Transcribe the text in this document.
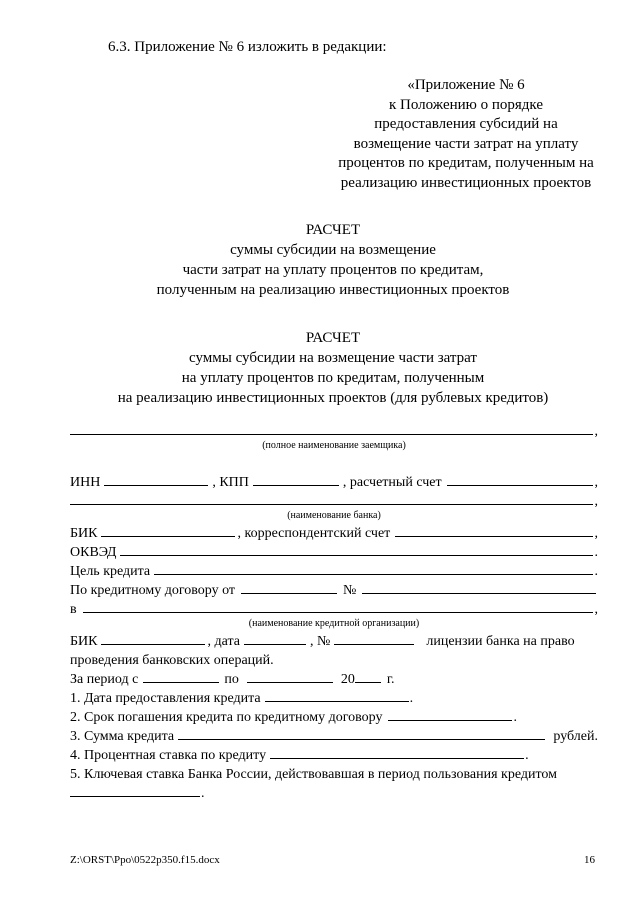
6.3. Приложение № 6 изложить в редакции:
«Приложение № 6
к Положению о порядке
предоставления субсидий на
возмещение части затрат на уплату
процентов по кредитам, полученным на
реализацию инвестиционных проектов
РАСЧЕТ
суммы субсидии на возмещение
части затрат на уплату процентов по кредитам,
полученным на реализацию инвестиционных проектов
РАСЧЕТ
суммы субсидии на возмещение части затрат
на уплату процентов по кредитам, полученным
на реализацию инвестиционных проектов (для рублевых кредитов)
,
(полное наименование заемщика)
ИНН	, КПП	, расчетный счет	,
,
(наименование банка)
БИК	, корреспондентский счет	,
ОКВЭД	.
Цель кредита	.
По кредитному договору от	№
в	,
(наименование кредитной организации)
БИК	, дата	, №	лицензии банка на право
проведения банковских операций.
За период с	по	20 г.
1. Дата предоставления кредита	.
2. Срок погашения кредита по кредитному договору	.
3. Сумма кредита	рублей.
4. Процентная ставка по кредиту	.
5. Ключевая ставка Банка России, действовавшая в период пользования кредитом
.
Z:\ORST\Ppo\0522p350.f15.docx	16
